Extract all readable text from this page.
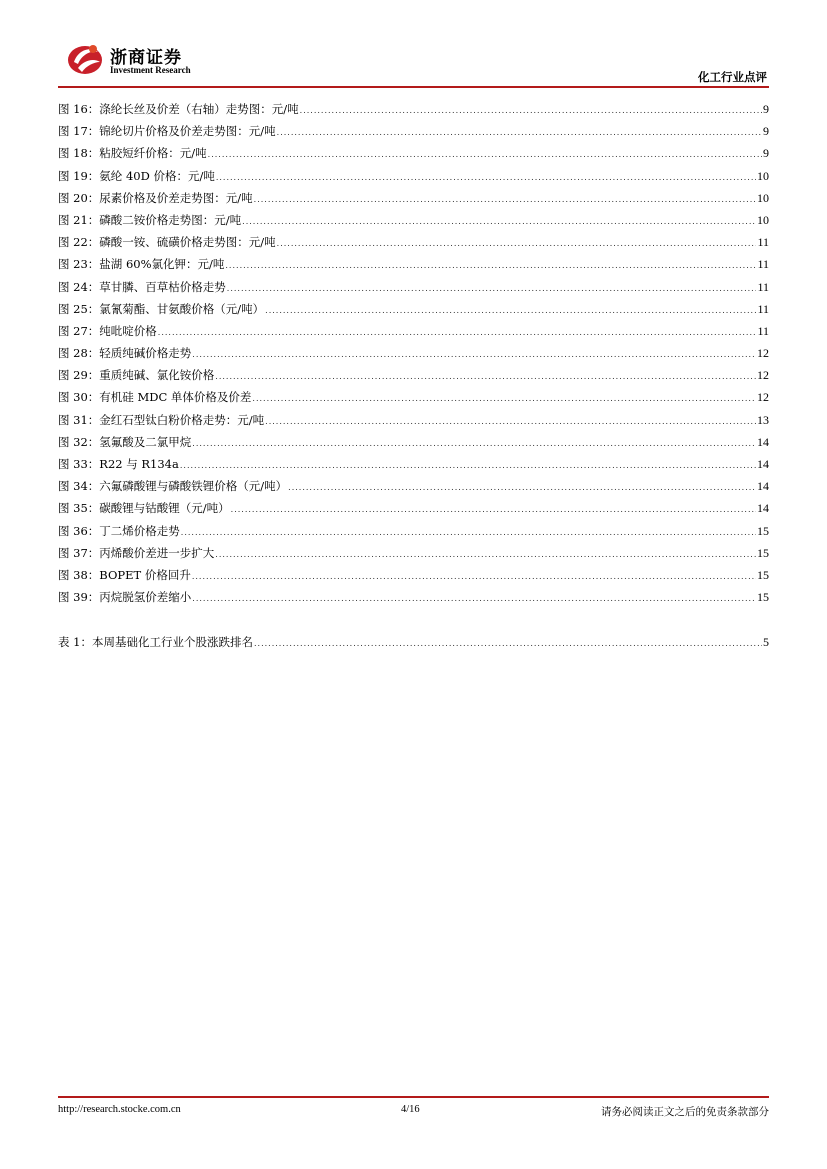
浙商证券
Investment Research	化工行业点评
图 16：涤纶长丝及价差（右轴）走势图：元/吨 .....	9
图 17：锦纶切片价格及价差走势图：元/吨 .....	9
图 18：粘胶短纤价格：元/吨 .....	9
图 19：氨纶 40D 价格：元/吨 .....	10
图 20：尿素价格及价差走势图：元/吨 .....	10
图 21：磷酸二铵价格走势图：元/吨 .....	10
图 22：磷酸一铵、硫磺价格走势图：元/吨 .....	11
图 23：盐湖 60%氯化钾：元/吨 .....	11
图 24：草甘膦、百草枯价格走势 .....	11
图 25：氯氰菊酯、甘氨酸价格（元/吨） .....	11
图 27：纯吡啶价格 .....	11
图 28：轻质纯碱价格走势 .....	12
图 29：重质纯碱、氯化铵价格 .....	12
图 30：有机硅 MDC 单体价格及价差 .....	12
图 31：金红石型钛白粉价格走势：元/吨 .....	13
图 32：氢氟酸及二氯甲烷 .....	14
图 33：R22 与 R134a .....	14
图 34：六氟磷酸锂与磷酸铁锂价格（元/吨） .....	14
图 35：碳酸锂与钴酸锂（元/吨） .....	14
图 36：丁二烯价格走势 .....	15
图 37：丙烯酸价差进一步扩大 .....	15
图 38：BOPET 价格回升 .....	15
图 39：丙烷脱氢价差缩小 .....	15
表 1：本周基础化工行业个股涨跌排名 .....	5
http://research.stocke.com.cn	4/16	请务必阅读正文之后的免责条款部分
